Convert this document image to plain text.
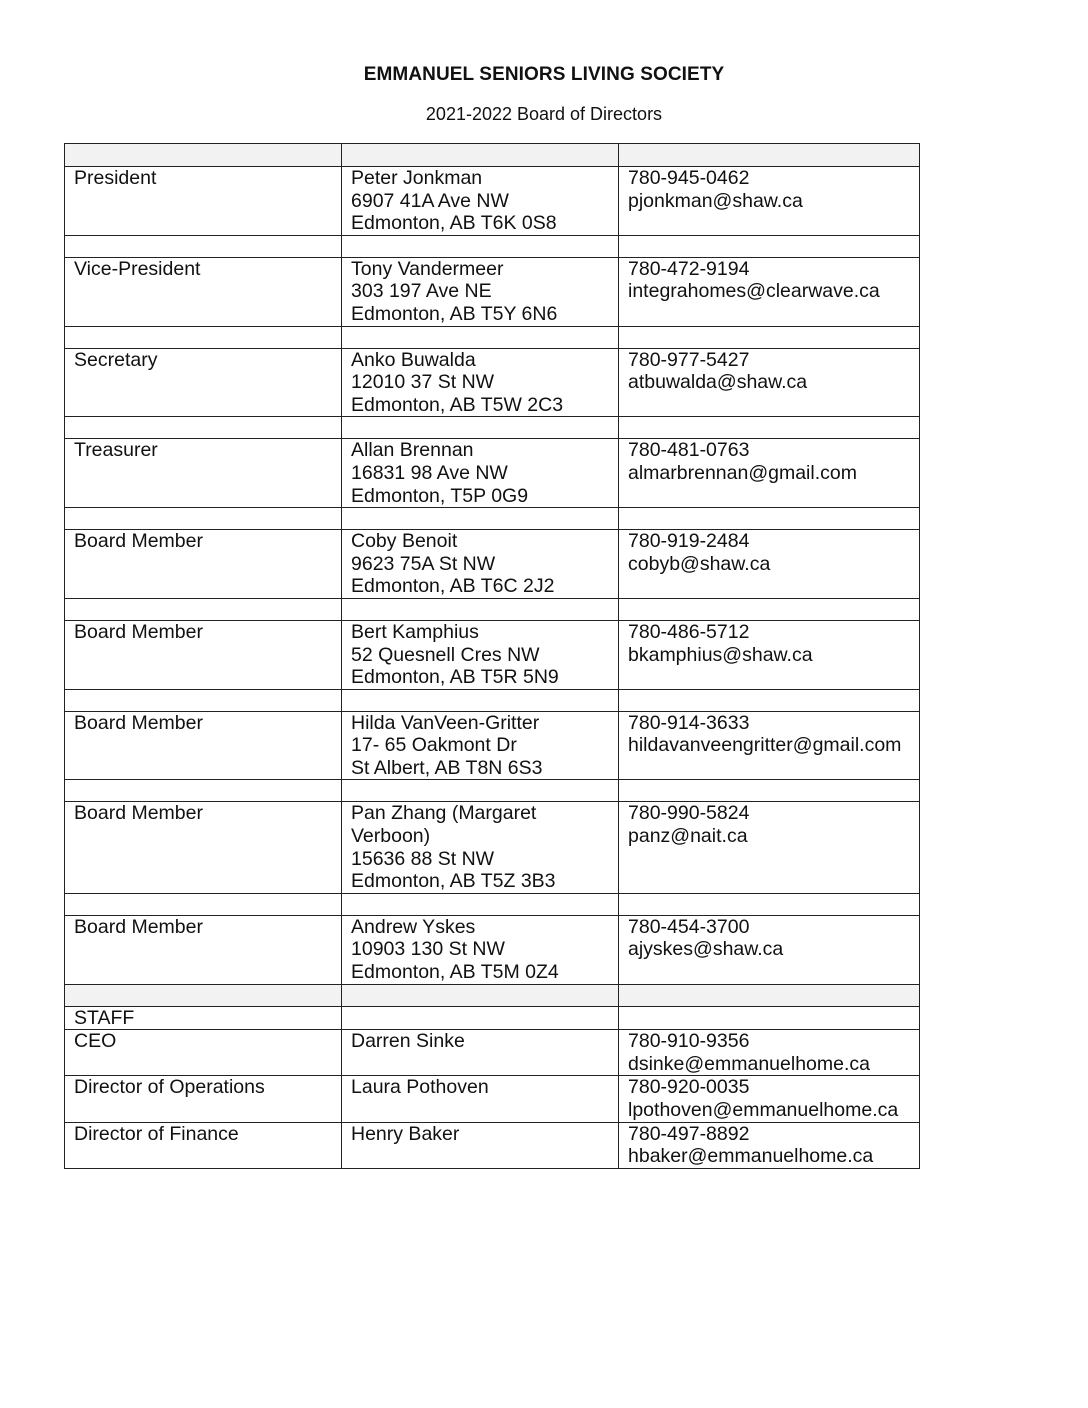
EMMANUEL SENIORS LIVING SOCIETY
2021-2022 Board of Directors

President	Peter Jonkman
6907 41A Ave NW
Edmonton, AB T6K 0S8	780-945-0462
pjonkman@shaw.ca

Vice-President	Tony Vandermeer
303 197 Ave NE
Edmonton, AB T5Y 6N6	780-472-9194
integrahomes@clearwave.ca

Secretary	Anko Buwalda
12010 37 St NW
Edmonton, AB T5W 2C3	780-977-5427
atbuwalda@shaw.ca

Treasurer	Allan Brennan
16831 98 Ave NW
Edmonton, T5P 0G9	780-481-0763
almarbrennan@gmail.com

Board Member	Coby Benoit
9623 75A St NW
Edmonton, AB T6C 2J2	780-919-2484
cobyb@shaw.ca

Board Member	Bert Kamphius
52 Quesnell Cres NW
Edmonton, AB T5R 5N9	780-486-5712
bkamphius@shaw.ca

Board Member	Hilda VanVeen-Gritter
17- 65 Oakmont Dr
St Albert, AB T8N 6S3	780-914-3633
hildavanveengritter@gmail.com

Board Member	Pan Zhang (Margaret
Verboon)
15636 88 St NW
Edmonton, AB T5Z 3B3	780-990-5824
panz@nait.ca

Board Member	Andrew Yskes
10903 130 St NW
Edmonton, AB T5M 0Z4	780-454-3700
ajyskes@shaw.ca

STAFF		

CEO	Darren Sinke	780-910-9356
dsinke@emmanuelhome.ca

Director of Operations	Laura Pothoven	780-920-0035
lpothoven@emmanuelhome.ca

Director of Finance	Henry Baker	780-497-8892
hbaker@emmanuelhome.ca
